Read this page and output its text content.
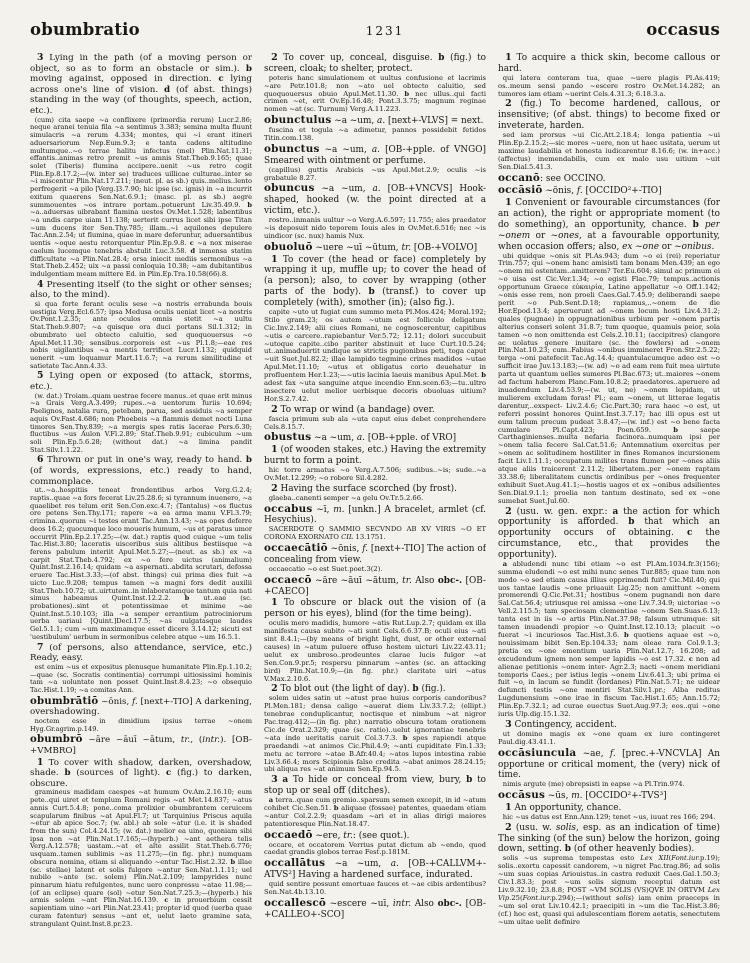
obumbratio	1231	occasus

3 Lying in the path (of a moving person or object, so as to form an obstacle or sim.). b moving against, opposed in direction. c lying across one's line of vision. d (of abst. things) standing in the way (of thoughts, speech, action, etc.).

(cum) cita saepe ~a conflixere (primordia rerum) Lucr.2.86; neque aranei tenuia fila ~a sentimus 3.383; semina multa fluunt simulacris ~a rerum 4.334; montes, qui ~i erant itineri aduersariorum Nep.Eum.9.3; e tanta cadens altitudine multumque..~o terrae halitu infectus (mel) Plin.Nat.11.31; effantis..animas retro premit ~us amnis Stat.Theb.9.165; quae solet (Tiberis) flumina accipere..uenit ~us retro cogit Plin.Ep.8.17.2;—(w. inter se) traduces uillicae culturae..inter se ~i miscentur Plin.Nat.17.211; (neut. pl. as sb.) quis..melius..lento perfregerit ~a pilo [Verg.]3.7.90; hic ipse (sc. ignis) in ~a incurrit exitum quaerens Sen.Nat.6.9.1; (masc. pl. as sb.) aegre summouentes ~os intrare portam..potuerunt Liv.35.49.9. b ~a..aduersas uibrabant flamina uestes Ov.Met.1.528; labentibus ~a undis carpe uiam 11.138; uerterit currus licet sibi ipse Titan ~um ducens iter Sen.Thy.785; illam..~i aquilones depulere Tac.Ann.2.54; ut flumina, quae in mare deferuntur, aduersantibus uentis ~oque aestu retorquentur Plin.Ep.9.8. c ~a nox miserae caelum lucemque tenebris abstulit Luc.3.58. d inmensa statim difficultate ~a Plin.Nat.28.4; orsa iniecit mediis sermonibus ~a Stat.Theb.2.452; uix ~a passi conloquia 10.38; ~am dubitantibus indulgentiam meam mittere Ed. in Plin.Ep.Tra.10.58(66).8.

4 Presenting itself (to the sight or other senses; also, to the mind).

si qua forte ferant oculis sese ~a nostris errabunda bouis uestigia Verg.Ecl.6.57; ipsa Medusa oculis ueniat licet ~a nostris Ov.Pont.1.2.35; ante oculos omnis stetit ~a uultu Stat.Theb.9.807; ~a quisque ora duci portans Sil.1.312; in obumbrato uel obtecto caluitio, sed quoquouersus ~o Apul.Met.11.30; sensibus..corporeis est ~us Pl.1.8;—eae res nobis uigilantibus ~a mentis terrificet Lucr.1.132; quidquid uenerit ~um loquamur Mart.11.6.7; ~a rerum similitudine et satietate Tac.Ann.4.33.

5 Lying open or exposed (to attack, storms, etc.).

(w. dat.) Troiam..quam uestrae fecere manus..et quae erit minus ~a Grais Verg.A.3.499; rupes..~a uentorum furiis 10.694; Paelignos, natalia rura, petebam, parua, sed assiduis ~a semper aquis Ov.Fast.4.686; non Phoebeis ~a flammis demet nocti Luna timores Sen.Thy.839; ~a mergis spes ratis lacerae Pers.6.30; fluctibus ~us Aulon V.Fl.2.89; Stat.Theb.9.91; cubiculum ~um soli Plin.Ep.5.6.28; (without dat.) ~a limina pandit Stat.Silv.1.1.22.

6 Thrown or put in one's way, ready to hand. b (of words, expressions, etc.) ready to hand, commonplace.

ut..~a..hospitiis teneat frondentibus arbos Verg.G.2.4; raptis..quae ~a fors fecerat Liv.25.28.6; si tyrannum inuenero, ~a quaelibet res telum erit Sen.Con.exc.4.7; (Tantalus) ~os fluctus ore petens Sen.Thy.171; rapere ~a ea arma manu V.Fl.3.79; crimina..quorum ~i testes erant Tac.Ann.13.43; ~as opes deferre deos 16.2; quocumque loco moueris humum, ~us et paratus umor occurrit Plin.Ep.2.17.25;—(w. dat.) raptis quod cuique ~um telis Tac.Hist.3.80; laceratis uisceribus suis alitibus bestiisque ~a ferens pabulum interiit Apul.Met.5.27;—(neut. as sb.) ex ~a carpit Stat.Theb.4.792; ex ~o fere uictus (animalium) Quint.Inst.2.16.14; quidam ~a aspernati..abdita scrutari, defossa eruere Tac.Hist.3.33;—(of abst. things) cui prima dies fuit ~a uicto Luc.9.208; tempus tamen ~a magni fors dedit auxilii Stat.Theb.10.72; ut..uirtutem..in inlaboratamque tantum quia nati simus habeamus Quint.Inst.12.2.2. b ut..eae (sc. probationes)..sint et potentissimae et minime ~ae Quint.Inst.5.10.103; illa ~a semper errantium patrociniorum uerba uariaui [Quint.]Decl.17.5; ~as uulgatasque laudes Gel.5.1.1; cum ~um maximamque esset dicere 3.14.12; sicuti est 'uestibulum' uerbum in sermonibus celebre atque ~um 16.5.1.

7 (of persons, also attendance, service, etc.) Ready, easy.

est enim ~us et expositus plenusque humanitate Plin.Ep.1.10.2;—quae (sc. Socratis continentia) corrumpi uitiosissimi hominis tam ~a uoluntate non posset Quint.Inst.8.4.23; ~o obsequio Tac.Hist.1.19; ~a comitas Ann.

obumbrātiō ~ōnis, f. [next+-TIO] A darkening, overshadowing.

noctem esse in dimidium ipsius terrae ~onem Hyg.Gr.agrim.p.149.

obumbrō ~āre ~āuī ~ātum, tr., (intr.). [OB-+VMBRO]

1 To cover with shadow, darken, overshadow, shade. b (sources of light). c (fig.) to darken, obscure.

gramineus madidam caespes ~at humum Ov.Am.2.16.10; eum pete..qui uiret et templum Romani regis ~at Met.14.837; ~atus annis Curt.5.4.8; pone..coma prolixior obumbrantem ceruicem scapularum finibus ~at Apul.Fl.7; ut Tarquinius Priscus aquila ~etur ab apice Soc.7; (w. abl.) ab sole ~atur (i.e. it is shaded from the sun) Col.4.24.15; (w. dat.) melior ea uino, quoniam sibi ipsa non ~at Plin.Nat.17.165;—(hyperb.) ~ant aethera telis Verg.A.12.578; uastam..~at et alte assilit Stat.Theb.6.776; usquam..tamen sublimis ~as 11.275;—(in fig. phr.) numquam obscura nomina, etiam si aliquando ~entur Tac.Hist.2.32. b illae (sc. stellae) latent et solis fulgore ~antur Sen.Nat.1.1.11; uel nubilo ~ante (sc. solem) Plin.Nat.2.109; lampyrides nunc pinnarum hiatu refulgentes, nunc uero conpressu ~atae 11.98;—(of an eclipse) quare (sol) ~etur Sen.Nat.7.25.3;—(hyperb.) his armis solem ~ant Plin.Nat.16.139. c in prouerbium cessit sapientiam uino ~ari Plin.Nat.23.41; propter id quod (uerba quae curam fatentur) sensus ~ant et, uelut laeto gramine sata, strangulant Quint.Inst.8.pr.23.

2 To cover up, conceal, disguise. b (fig.) to screen, cloak; to shelter, protect.

poteris hanc simulationem et uultus confusione et lacrimis ~are Petr.101.8; non ~ato uel obtecto caluitio, sed quoquouersus obuio Apul.Met.11.30. b nec ullus..qui facti crimen ~et, erit Ov.Ep.16.48; Pont.3.3.75; magnum reginae nomen ~at (sc. Turnum) Verg.A.11.223.

obunctulus ~a ~um, a. [next+-VLVS] = next.

fuscina et togula ~a adimetur, pannos possidebit fetidos Titin.com.138.

obunctus ~a ~um, a. [OB-+pple. of VNGO] Smeared with ointment or perfume.

(capillus) guttis Arabicis ~us Apul.Met.2.9; oculis ~is grabatule 8.27.

obuncus ~a ~um, a. [OB-+VNCVS] Hook-shaped, hooked (w. the point directed at a victim, etc.).

rostro..inmanis uultur ~o Verg.A.6.597; 11.755; ales praedator ~is deposuit nido teporem Iouis ales in Ov.Met.6.516; nec ~is uindicor (sc. nux) hamis Nux.

obuoluō ~uere ~uī ~ūtum, tr. [OB-+VOLVO]

1 To cover (the head or face) completely by wrapping it up, muffle up; to cover the head of (a person); also, to cover by wrapping (other parts of the body). b (transf.) to cover up completely (with), smother (in); (also fig.).

capite ~uto ut fugiat cum summo meta Pl.Mos.424; Moral.192; Stilo gram.23; os autem ~utum est folliculo deligatum Cic.Inv.2.149; alii ciues Romani, ne cognoscerentur, capitibus ~utis e carcere..rapiebantur Ver.5.72; 12.11; dolori succubuit ~utoque capite..cibo pariter abstinuit et luce Curt.10.5.24; ut..animaduertit undique se strictis pugionibus peti, toga caput ~uit Suet.Jul.82.2; illae lampido tegmine crines madidos ~utae Apul.Met.11.10; ~utus et obligatus corio deuehatur in profluentem Her.1.23;—~utis lacinia laeuis manibus Apul.Met. b adest fax ~uta sanguine atque incendio Enn.scen.63;—tu..ultro insectere uelut melior uerbisque decoris obuoluas uitium? Hor.S.2.7.42.

2 To wrap or wind (a bandage) over.

fascia primum sub ala ~uta caput eius debet conprehendere Cels.8.15.7.

obustus ~a ~um, a. [OB-+pple. of VRO]

1 (of wooden stakes, etc.) Having the extremity burnt to form a point.

hic torre armatus ~o Verg.A.7.506; sudibus..~is; sude..~a Ov.Met.12.299; ~o robore Sil.4.282.

2 Having the surface scorched (by frost).

glaeba..canenti semper ~a gelu Ov.Tr.5.2.66.

occabus ~ī, m. [unkn.] A bracelet, armlet (cf. Hesychius).

SACERDOTE Q SAMMIO SECVNDO AB XV VIRIS ~O ET CORONA EXORNATO CIL 13.1751.

occaecātiō ~ōnis, f. [next+-TIO] The action of concealing from view.

occaecatio ~o est Suet.poet.3(2).

occaecō ~āre ~āuī ~ātum, tr. Also obc-. [OB-+CAECO]

1 To obscure or black out the vision of (a person or his eyes), blind (for the time being).

oculis mero madidis, humore ~atis Rut.Lup.2.7; quidam ex illa manifesta causa subito ~ati sunt Cels.6.6.37.B; oculi eius ~ati sint 8.4.1;—(by means of bright light, dust, or other external causes) in ~atum puluere offuso hostem uicturi Liv.22.43.11; uelut ex umbroso..prodeuntes clarae lucis fulgor ~at Sen.Con.9.pr.5; respersu pinnarum ~antes (sc. an attacking bird) Plin.Nat.10.9;—(in fig. phr.) claritate uiri ~atus V.Max.2.10.6.

2 To blot out (the light of day). b (fig.).

solem uides satin ut ~atust prae huius corporis candoribus? Pl.Men.181; densa caligo ~auerat diem Liv.33.7.2; (ellipt.) tenebrae conduplicantur, noctisque et nimbum ~at nigror Pac.trag.412;—(in fig. phr.) narratio obscura totam orationem Cic.de Orat.2.329; quae (sc. ratio)..uelut ignorantiae tenebris ~ata inde ueritatis caruit Col.3.7.3. b spes rapiendi atque praedandi ~at animos Cic.Phil.4.9; ~anti cupiditate Fin.1.33; metu ac terrore ~atae B.Afr.40.4; ~atos lupos intestina rabie Liv.3.66.4; mors Scipionis falso credita ~abat animos 28.24.15; ubi aliqua res ~at animum Sen.Ep.94.5.

3 a To hide or conceal from view, bury, b to stop up or seal off (ditches).

a terra..quae cum gremio..sparsum semen excepit, in id ~atum cohibet Cic.Sen.51. b aliquae (fossae) patentes, quaedam etiam ~antur Col.2.2.9; quasdam ~ari et in alias dirigi maiores patentioresque Plin.Nat.18.47.

occaedō ~ere, tr.: (see quot.).

occare, et occatorem Verrius putat dictum ab ~endo, quod caedat grandis globos terrae Fest.p.181M.

occallātus ~a ~um, a. [OB-+CALLVM+-ATVS²] Having a hardened surface, indurated.

quid sentire possunt emortuae fauces et ~ae cibis ardentibus? Sen.Nat.4b.13.10.

occallescō ~escere ~uī, intr. Also obc-. [OB-+CALLEO+-SCO]

1 To acquire a thick skin, become callous or hard.

qui latera conteram tua, quae ~uere plagis Pl.As.419; os..meum sensi pando ~escere rostro Ov.Met.14.282; an tumores iam etiam ~uerint Cels.4.31.3; 6.18.3.a.

2 (fig.) To become hardened, callous, or insensitive; (of abst. things) to become fixed or inveterate, harden.

sed iam prorsus ~ui Cic.Att.2.18.4; longa patientia ~ui Plin.Ep.2.15.2;—sic mores ~uere, non ut haec usitata, uerum ut maxime laudabilia et honesta iudicarentur 8.16.6; (w. in+acc.) (affectus) inemendabilis, cum ex malo usu uitium ~uit Sen.Dial.5.41.3.

occanō: see OCCINO.

occāsiō ~ōnis, f. [OCCIDO²+-TIO]

1 Convenient or favourable circumstances (for an action), the right or appropriate moment (to do something), an opportunity, chance. b per ~onem or ~ones, at a favourable opportunity, when occasion offers; also, ex ~one or ~onibus.

ubi quidque ~onis sit Pl.As.943; dum ~o ei (rei) reperiatur Trin.757; qui ~onem hanc amisisti tam bonam Men.439; an ego ~onem mi ostentam..amitterem? Ter.Eu.604; simul ac primum ei ~o uisa est Cic.Ver.1.34; ~o egisti Flac.79; tempus..actionis opportunum Graece εὐκαιρία, Latine appellatur ~o Off.1.142; ~onis esse rem, non proeli Caes.Gal.7.45.9; deliberandi saepe perit ~o Pub.Sent.D.18; rapiamus,..~onem de die Hor.Epod.13.4; aperuerunt ad ~onem locum hosti Liv.4.31.2; quales (pugnae) in oppugnationibus urbium per ~onem partis alterius conseri solent 31.8.7; tum quoque, quamuis peior, sola tamen ~o non omittenda est Cels.2.10.11; (accipitres) clangore ac uolatus genere inuitare (sc. the fowlers) ad ~onem Plin.Nat.10.23; cum..Fabius ~onibus immineret Fron.Str.2.5.22; terga ~oni patefecit Tac.Ag.14.4; quantulacumque adeo est ~o sufficit irae Juv.13.183;—(w. ad) ~o ad eam rem fuit mea uirtute parta ut quantum uelles sumeres Pl.Bac.673; ut..maiores ~onem ad factum haberem Planc.Fam.10.8.2; praedatores..aperuere ad inuadendum Liv.4.53.9;—(w. ut, ne) ~onem lepidam, ut mulierem excludam foras! Pl.; eam ~onem, ut litterae legatis darentur,..exspect- Liv.2.4.6; Cic.Part.30; rara haec ~o est, ut referri possint honores Quint.Inst.3.7.17; hac illi opus est ut eum talium precum pudeat 3.8.47;—(w. inf.) est ~o bene facta cumulare Pl.Capt.423; Poen.659. b saepe Carthaginienses..multa nefaria facinora..numquam ipsi per ~onem talia fecere Sal.Cat.51.6; Antemnatium exercitus per ~onem ac solitudinem hostiliter in fines Romanos incursionem facit Liv.1.11.1; occupatum milites trans flumen per ~ones aliis atque aliis traicerent 2.11.2; libertatem..per ~onem raptam 33.38.6; liberalitatem cunctis ordinibus per ~ones frequenter exhibuit Suet.Aug.41.1;—hostis uagos et ex ~onibus adsilientes Sen.Dial.9.1.1; proelia non tantum destinato, sed ex ~one sumebat Suet.Jul.60.

2 (usu. w. gen. expr.: a the action for which opportunity is afforded. b that which an opportunity occurs of obtaining. c the circumstance, etc., that provides the opportunity).

a abludendi nunc tibi etiam ~o est Pl.Am.1034.fr.3(156); summa eludendi ~o est mihi nunc senes Tur.885; quae tum non modo ~o sed etiam causa illius opprimendi fuit? Cic.Mil.40; qui uos tantae laudis ~one priuauit Lig.25; non amittunt ~onem promerendi Q.Cic.Pet.31; hostibus ~onem pugnandi non dare Sal.Cat.56.4; utriusque rei amissa ~one Liv.7.34.9; uictoriae ~o Vell.2.115.5; tam speciosam clementiae ~onem Sen.Suas.6.13; tanta est in iis ~o artis Plin.Nat.37.98; falsum utrumque: sit tamen inuadendi propior ~o Quint.Inst.12.10.13; placuit ~o fuerat ~i incuriosos Tac.Hist.3.6. b quotiens aquae est ~o, nouissimam bibit Sen.Ep.104.33; nam oleae rara Col.9.1.3; pretia ex ~one ementium uaria Plin.Nat.12.7; 16.208; ad excudendum ignem non semper lapidis ~o est 17.32. c non ad alienae petitionis ~onem inter- Agr.2.3; nacti ~onem meridiani temporis Caes.; per istius legis ~onem Liv.6.41.3; ubi prima ei fuit ~o, in lacum se fundit (Iordanes) Plin.Nat.5.71; ne uidear defuncti testis ~one mentiri Stat.Silv.1.pr.; Alba reditus Lugdunensium ~one irae in fiscum Tac.Hist.1.65; Ann.15.72; Plin.Ep.7.32.1; ad curae euectus Suet.Aug.97.3; eos..qui ~one iuris Ulp.dig.15.1.32.

3 Contingency, accident.

ut domino magis ex ~one quam ex iure contingeret Paul.dig.43.41.1.

occāsiuncula ~ae, f. [prec.+-VNCVLA] An opportune or critical moment, the (very) nick of time.

nimis argute (me) obrepsisti in eapse ~a Pl.Trin.974.

occāsus ~ūs, m. [OCCIDO²+-TVS³]

1 An opportunity, chance.

hic ~us datus est Enn.Ann.129; tenet ~us, iuuat res 166; 294.

2 (usu. w. solis, esp. as an indication of time) The sinking (of the sun) below the horizon, going down, setting. b (of other heavenly bodies).

solis ~us suprema tempestas esto Lex XII(Font.iur.p.19); solis..exortu capessit candorem, ~u nigret Pac.trag.86; ad solis ~um suas copias Ariouistus..in castra reduxit Caes.Gal.1.50.3; Civ.1.83.3; post ~um solis signum receptui datum est Liv.9.32.10; 23.8.8; POST ~VM SOLIS (VS)QVE IN ORTVM Lex Vip.25(Font.iur.p.294);—(without solis) iam enim praeceps in ~um sol erat Liv.10.42.1; praecipiti in ~um die Tac.Hist.3.86; (cf.) hoc est, quasi qui adulescentiam florem aetatis, senectutem ~um uitae uelit definire
